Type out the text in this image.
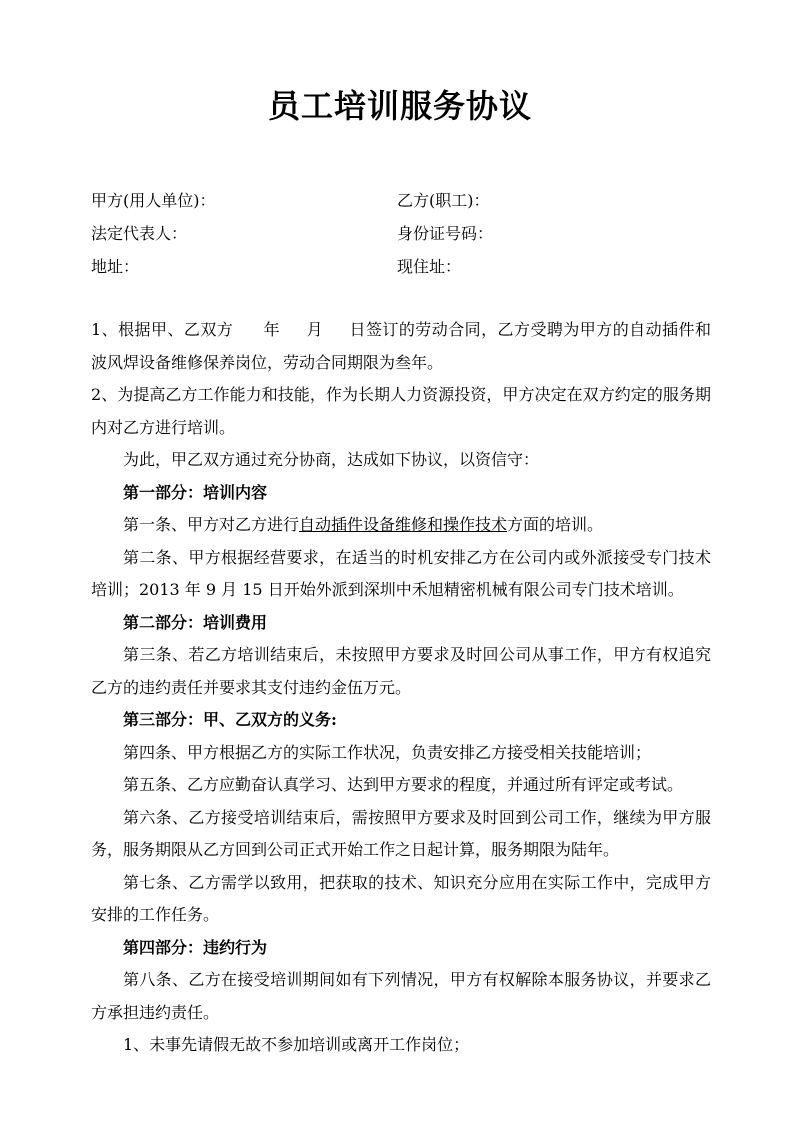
员工培训服务协议
甲方(用人单位)：	乙方(职工)：
法定代表人：	身份证号码：
地址：	现住址：

1、根据甲、乙双方 年 月 日签订的劳动合同，乙方受聘为甲方的自动插件和波风焊设备维修保养岗位，劳动合同期限为叁年。

2、为提高乙方工作能力和技能，作为长期人力资源投资，甲方决定在双方约定的服务期内对乙方进行培训。

为此，甲乙双方通过充分协商，达成如下协议，以资信守：

第一部分：培训内容

第一条、甲方对乙方进行自动插件设备维修和操作技术方面的培训。

第二条、甲方根据经营要求，在适当的时机安排乙方在公司内或外派接受专门技术培训；2013 年 9 月 15 日开始外派到深圳中禾旭精密机械有限公司专门技术培训。

第二部分：培训费用

第三条、若乙方培训结束后，未按照甲方要求及时回公司从事工作，甲方有权追究乙方的违约责任并要求其支付违约金伍万元。

第三部分：甲、乙双方的义务:

第四条、甲方根据乙方的实际工作状况，负责安排乙方接受相关技能培训；

第五条、乙方应勤奋认真学习、达到甲方要求的程度，并通过所有评定或考试。

第六条、乙方接受培训结束后，需按照甲方要求及时回到公司工作，继续为甲方服务，服务期限从乙方回到公司正式开始工作之日起计算，服务期限为陆年。

第七条、乙方需学以致用，把获取的技术、知识充分应用在实际工作中，完成甲方安排的工作任务。

第四部分：违约行为

第八条、乙方在接受培训期间如有下列情况，甲方有权解除本服务协议，并要求乙方承担违约责任。

1、未事先请假无故不参加培训或离开工作岗位；
